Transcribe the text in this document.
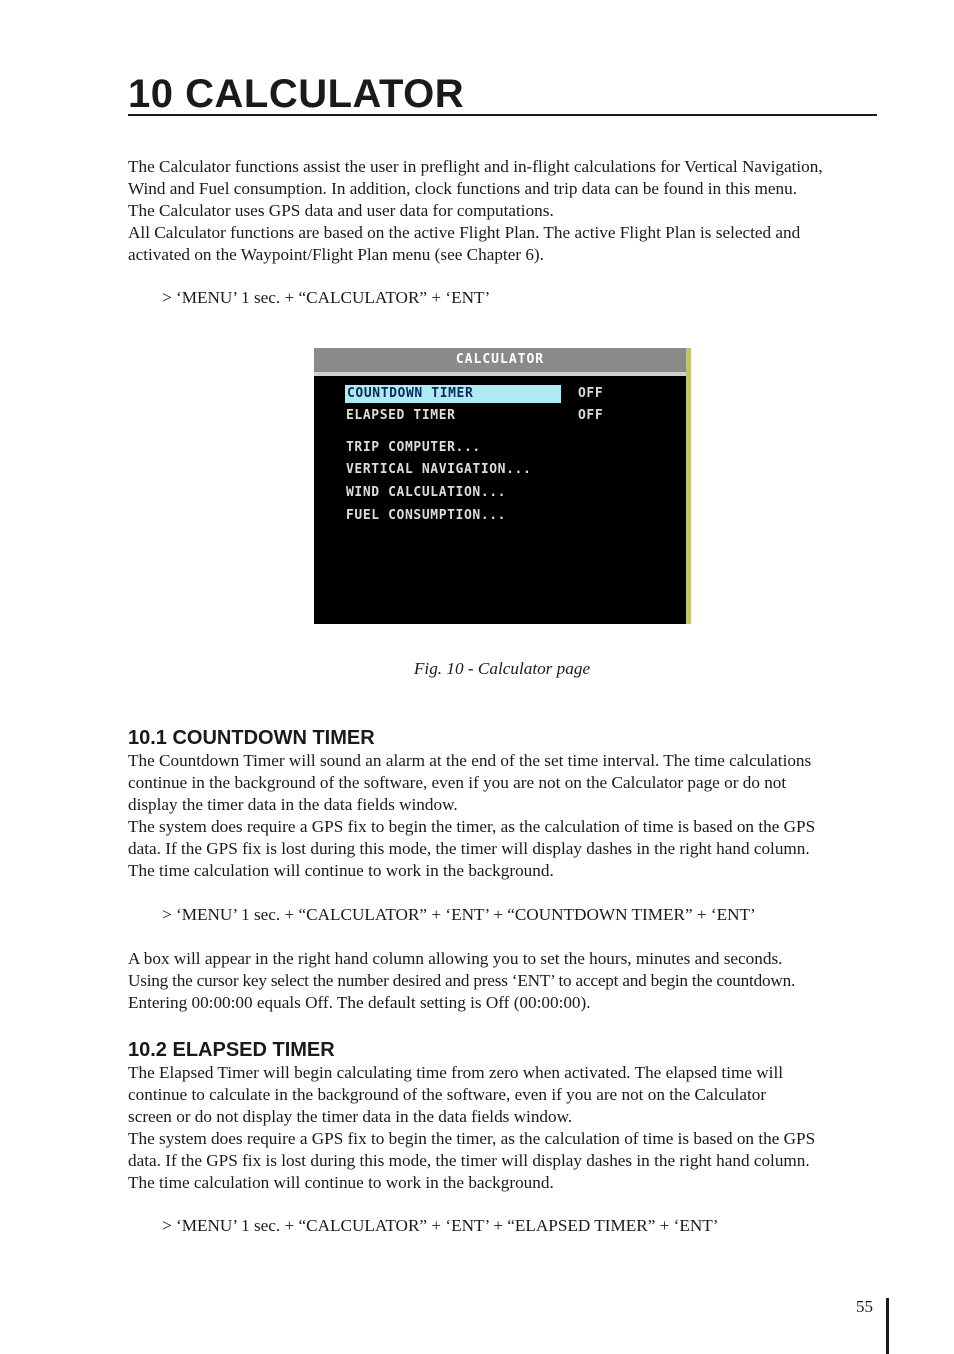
10 CALCULATOR
The Calculator functions assist the user in preflight and in-flight calculations for Vertical Navigation,
Wind and Fuel consumption. In addition, clock functions and trip data can be found in this menu.
The Calculator uses GPS data and user data for computations.
All Calculator functions are based on the active Flight Plan. The active Flight Plan is selected and
activated on the Waypoint/Flight Plan menu (see Chapter 6).
> ‘MENU’ 1 sec. + “CALCULATOR” + ‘ENT’
CALCULATOR
COUNTDOWN TIMER	OFF
ELAPSED TIMER	OFF
TRIP COMPUTER...
VERTICAL NAVIGATION...
WIND CALCULATION...
FUEL CONSUMPTION...
Fig. 10 - Calculator page
10.1 COUNTDOWN TIMER
The Countdown Timer will sound an alarm at the end of the set time interval. The time calculations
continue in the background of the software, even if you are not on the Calculator page or do not
display the timer data in the data fields window.
The system does require a GPS fix to begin the timer, as the calculation of time is based on the GPS
data. If the GPS fix is lost during this mode, the timer will display dashes in the right hand column.
The time calculation will continue to work in the background.
> ‘MENU’ 1 sec. + “CALCULATOR” + ‘ENT’ + “COUNTDOWN TIMER” + ‘ENT’
A box will appear in the right hand column allowing you to set the hours, minutes and seconds.
Using the cursor key select the number desired and press ‘ENT’ to accept and begin the countdown.
Entering 00:00:00 equals Off. The default setting is Off (00:00:00).
10.2 ELAPSED TIMER
The Elapsed Timer will begin calculating time from zero when activated. The elapsed time will
continue to calculate in the background of the software, even if you are not on the Calculator
screen or do not display the timer data in the data fields window.
The system does require a GPS fix to begin the timer, as the calculation of time is based on the GPS
data. If the GPS fix is lost during this mode, the timer will display dashes in the right hand column.
The time calculation will continue to work in the background.
> ‘MENU’ 1 sec. + “CALCULATOR” + ‘ENT’ + “ELAPSED TIMER” + ‘ENT’
55
